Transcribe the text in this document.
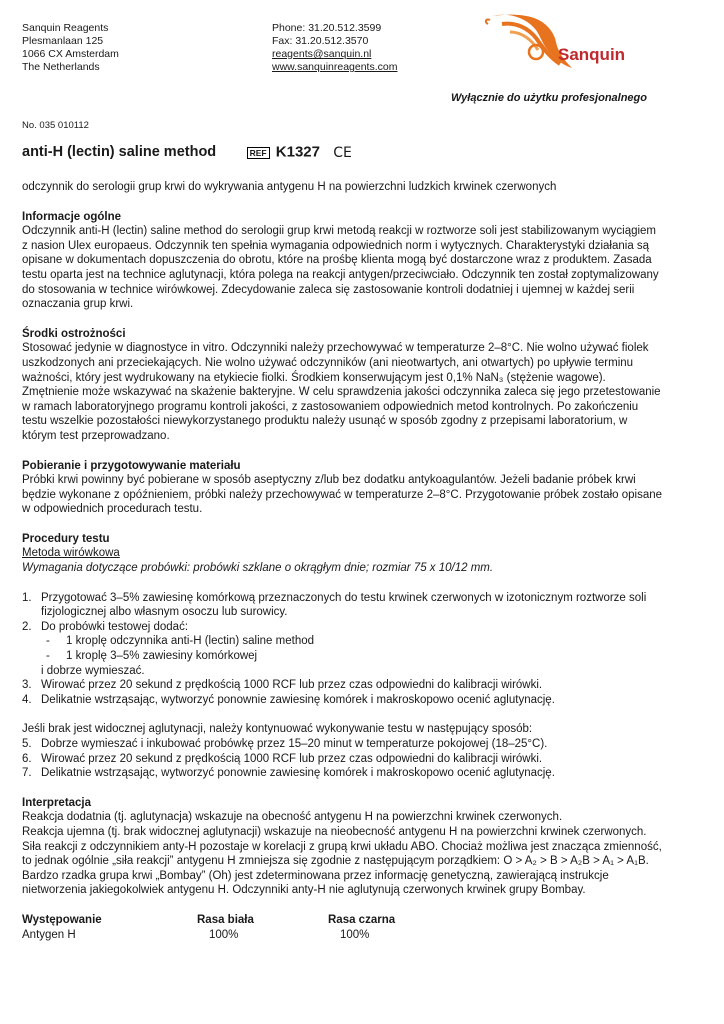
Sanquin Reagents
Plesmanlaan 125
1066 CX Amsterdam
The Netherlands
Phone: 31.20.512.3599
Fax: 31.20.512.3570
reagents@sanquin.nl
www.sanquinreagents.com
Sanquin
Wyłącznie do użytku profesjonalnego
No. 035 010112
anti-H (lectin) saline method	REF K1327 CE

odczynnik do serologii grup krwi do wykrywania antygenu H na powierzchni ludzkich krwinek czerwonych

Informacje ogólne

Odczynnik anti-H (lectin) saline method do serologii grup krwi metodą reakcji w roztworze soli jest stabilizowanym wyciągiem z nasion Ulex europaeus. Odczynnik ten spełnia wymagania odpowiednich norm i wytycznych. Charakterystyki działania są opisane w dokumentach dopuszczenia do obrotu, które na prośbę klienta mogą być dostarczone wraz z produktem. Zasada testu oparta jest na technice aglutynacji, która polega na reakcji antygen/przeciwciało. Odczynnik ten został zoptymalizowany do stosowania w technice wirówkowej. Zdecydowanie zaleca się zastosowanie kontroli dodatniej i ujemnej w każdej serii oznaczania grup krwi.

Środki ostrożności

Stosować jedynie w diagnostyce in vitro. Odczynniki należy przechowywać w temperaturze 2–8°C. Nie wolno używać fiolek uszkodzonych ani przeciekających. Nie wolno używać odczynników (ani nieotwartych, ani otwartych) po upływie terminu ważności, który jest wydrukowany na etykiecie fiolki. Środkiem konserwującym jest 0,1% NaN₃ (stężenie wagowe). Zmętnienie może wskazywać na skażenie bakteryjne. W celu sprawdzenia jakości odczynnika zaleca się jego przetestowanie w ramach laboratoryjnego programu kontroli jakości, z zastosowaniem odpowiednich metod kontrolnych. Po zakończeniu testu wszelkie pozostałości niewykorzystanego produktu należy usunąć w sposób zgodny z przepisami laboratorium, w którym test przeprowadzano.

Pobieranie i przygotowywanie materiału

Próbki krwi powinny być pobierane w sposób aseptyczny z/lub bez dodatku antykoagulantów. Jeżeli badanie próbek krwi będzie wykonane z opóźnieniem, próbki należy przechowywać w temperaturze 2–8°C. Przygotowanie próbek zostało opisane w odpowiednich procedurach testu.

Procedury testu

Metoda wirówkowa

Wymagania dotyczące probówki: probówki szklane o okrągłym dnie; rozmiar 75 x 10/12 mm.

1. Przygotować 3–5% zawiesinę komórkową przeznaczonych do testu krwinek czerwonych w izotonicznym roztworze soli fizjologicznej albo własnym osoczu lub surowicy.
2. Do probówki testowej dodać:
- 1 kroplę odczynnika anti-H (lectin) saline method
- 1 kroplę 3–5% zawiesiny komórkowej
i dobrze wymieszać.
3. Wirować przez 20 sekund z prędkością 1000 RCF lub przez czas odpowiedni do kalibracji wirówki.
4. Delikatnie wstrząsając, wytworzyć ponownie zawiesinę komórek i makroskopowo ocenić aglutynację.

Jeśli brak jest widocznej aglutynacji, należy kontynuować wykonywanie testu w następujący sposób:

5. Dobrze wymieszać i inkubować probówkę przez 15–20 minut w temperaturze pokojowej (18–25°C).
6. Wirować przez 20 sekund z prędkością 1000 RCF lub przez czas odpowiedni do kalibracji wirówki.
7. Delikatnie wstrząsając, wytworzyć ponownie zawiesinę komórek i makroskopowo ocenić aglutynację.

Interpretacja

Reakcja dodatnia (tj. aglutynacja) wskazuje na obecność antygenu H na powierzchni krwinek czerwonych.

Reakcja ujemna (tj. brak widocznej aglutynacji) wskazuje na nieobecność antygenu H na powierzchni krwinek czerwonych.

Siła reakcji z odczynnikiem anty-H pozostaje w korelacji z grupą krwi układu ABO. Chociaż możliwa jest znacząca zmienność, to jednak ogólnie „siła reakcji” antygenu H zmniejsza się zgodnie z następującym porządkiem: O > A₂ > B > A₂B > A₁ > A₁B. Bardzo rzadka grupa krwi „Bombay” (Oh) jest zdeterminowana przez informację genetyczną, zawierającą instrukcje nietworzenia jakiegokolwiek antygenu H. Odczynniki anty-H nie aglutynują czerwonych krwinek grupy Bombay.

Występowanie	Rasa biała	Rasa czarna
Antygen H	100%	100%
